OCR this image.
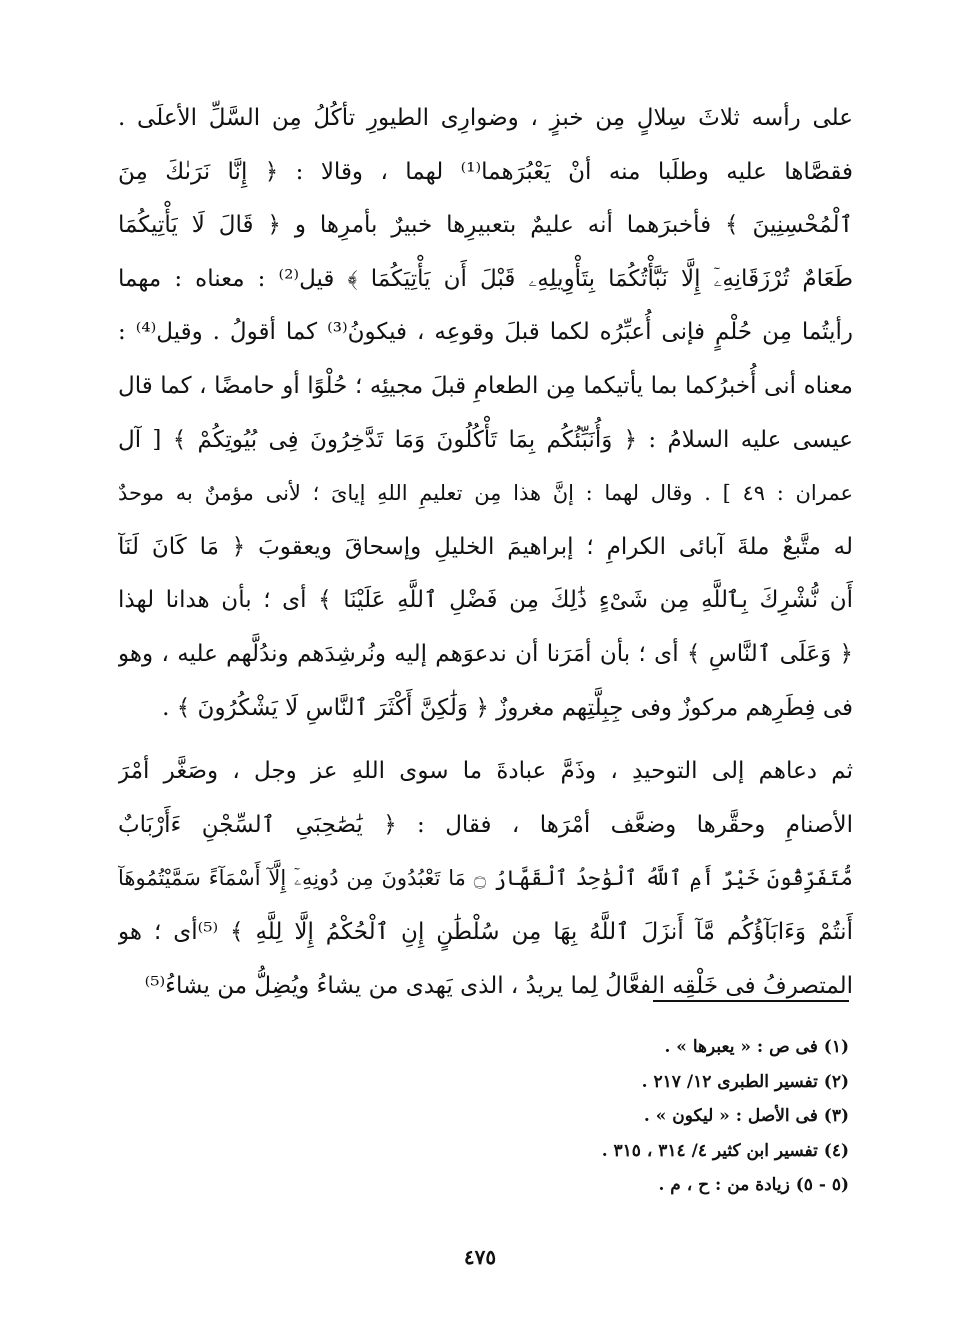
على رأسه ثلاثَ سِلالٍ مِن خبزٍ ، وضوارِى الطيورِ تأكُلُ مِن السَّلِّ الأعلَى .
فقصَّاها عليه وطلَبا منه أنْ يَعْبُرَهما⁽¹⁾ لهما ، وقالا : ﴿ إِنَّا نَرَىٰكَ مِنَ
ٱلْمُحْسِنِينَ ﴾ فأخبرَهما أنه عليمٌ بتعبيرِها خبيرٌ بأمرِها و ﴿ قَالَ لَا يَأْتِيكُمَا
طَعَامٌ تُرْزَقَانِهِۦٓ إِلَّا نَبَّأْتُكُمَا بِتَأْوِيلِهِۦ قَبْلَ أَن يَأْتِيَكُمَا ﴾ قيل⁽²⁾ : معناه : مهما
رأيتُما مِن حُلْمٍ فإنى أُعبِّرُه لكما قبلَ وقوعِه ، فيكونُ⁽³⁾ كما أقولُ . وقيل⁽⁴⁾ :
معناه أنى أُخبرُكما بما يأتيكما مِن الطعامِ قبلَ مجيئِه ؛ حُلْوًا أو حامضًا ، كما قال
عيسى عليه السلامُ : ﴿ وَأُنَبِّئُكُم بِمَا تَأْكُلُونَ وَمَا تَدَّخِرُونَ فِى بُيُوتِكُمْ ﴾ [ آل
عمران : ٤٩ ] . وقال لهما : إنَّ هذا مِن تعليمِ اللهِ إياىَ ؛ لأنى مؤمنٌ به موحدٌ
له متَّبعٌ ملةَ آبائى الكرامِ ؛ إبراهيمَ الخليلِ وإسحاقَ ويعقوبَ ﴿ مَا كَانَ لَنَآ
أَن نُّشْرِكَ بِٱللَّهِ مِن شَىْءٍ ذَٰلِكَ مِن فَضْلِ ٱللَّهِ عَلَيْنَا ﴾ أى ؛ بأن هدانا لهذا
﴿ وَعَلَى ٱلنَّاسِ ﴾ أى ؛ بأن أمَرَنا أن ندعوَهم إليه ونُرشِدَهم وندُلَّهم عليه ، وهو
فى فِطَرِهم مركوزٌ وفى جِبِلَّتِهم مغروزٌ ﴿ وَلَٰكِنَّ أَكْثَرَ ٱلنَّاسِ لَا يَشْكُرُونَ ﴾ .
ثم دعاهم إلى التوحيدِ ، وذَمَّ عبادةَ ما سوى اللهِ عز وجل ، وصَغَّر أمْرَ
الأصنامِ وحقَّرها وضعَّف أمْرَها ، فقال : ﴿ يَٰصَٰحِبَىِ ٱلسِّجْنِ ءَأَرْبَابٌ
مُّتَفَرِّقُونَ خَيْرٌ أَمِ ٱللَّهُ ٱلْوَٰحِدُ ٱلْقَهَّارُ ۝ مَا تَعْبُدُونَ مِن دُونِهِۦٓ إِلَّآ أَسْمَآءً سَمَّيْتُمُوهَآ
أَنتُمْ وَءَابَآؤُكُم مَّآ أَنزَلَ ٱللَّهُ بِهَا مِن سُلْطَٰنٍ إِنِ ٱلْحُكْمُ إِلَّا لِلَّهِ ﴾ ⁽⁵⁾أى ؛ هو
المتصرفُ فى خَلْقِه الفعَّالُ لِما يريدُ ، الذى يَهدى من يشاءُ ويُضِلُّ من يشاءُ⁽⁵⁾
(١) فى ص : « يعبرها » .
(٢) تفسير الطبرى ١٢/ ٢١٧ .
(٣) فى الأصل : « ليكون » .
(٤) تفسير ابن كثير ٤/ ٣١٤ ، ٣١٥ .
(٥ - ٥) زيادة من : ح ، م .
٤٧٥
